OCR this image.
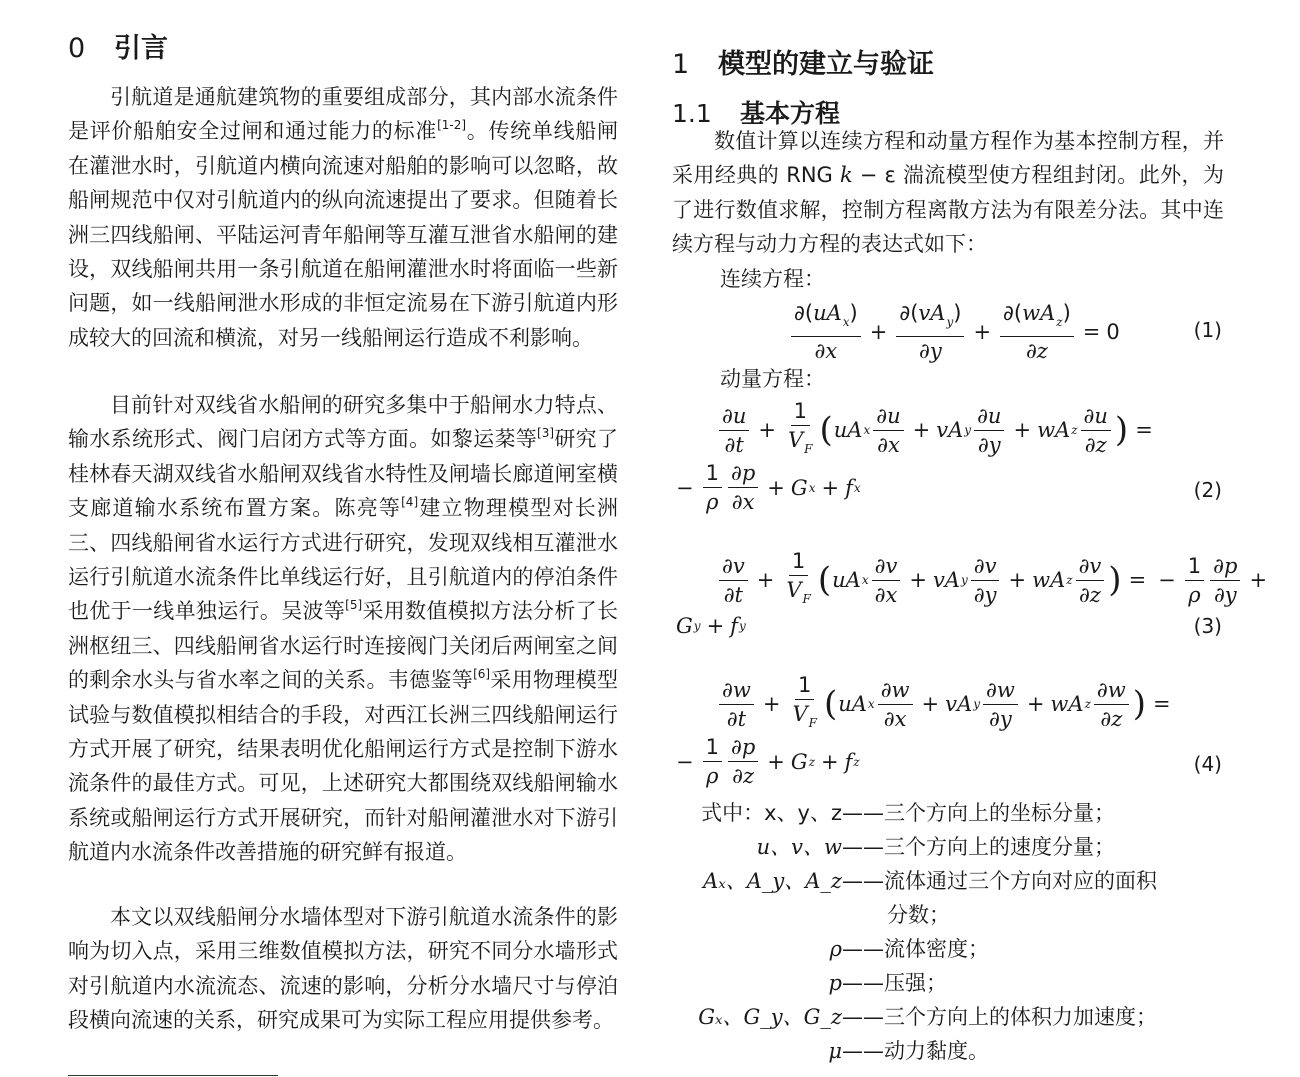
0 引言

引航道是通航建筑物的重要组成部分，其内部水流条件是评价船舶安全过闸和通过能力的标准[1-2]。传统单线船闸在灌泄水时，引航道内横向流速对船舶的影响可以忽略，故船闸规范中仅对引航道内的纵向流速提出了要求。但随着长洲三四线船闸、平陆运河青年船闸等互灌互泄省水船闸的建设，双线船闸共用一条引航道在船闸灌泄水时将面临一些新问题，如一线船闸泄水形成的非恒定流易在下游引航道内形成较大的回流和横流，对另一线船闸运行造成不利影响。

目前针对双线省水船闸的研究多集中于船闸水力特点、输水系统形式、阀门启闭方式等方面。如黎运棻等[3]研究了桂林春天湖双线省水船闸双线省水特性及闸墙长廊道闸室横支廊道输水系统布置方案。陈亮等[4]建立物理模型对长洲三、四线船闸省水运行方式进行研究，发现双线相互灌泄水运行引航道水流条件比单线运行好，且引航道内的停泊条件也优于一线单独运行。吴波等[5]采用数值模拟方法分析了长洲枢纽三、四线船闸省水运行时连接阀门关闭后两闸室之间的剩余水头与省水率之间的关系。韦德鉴等[6]采用物理模型试验与数值模拟相结合的手段，对西江长洲三四线船闸运行方式开展了研究，结果表明优化船闸运行方式是控制下游水流条件的最佳方式。可见，上述研究大都围绕双线船闸输水系统或船闸运行方式开展研究，而针对船闸灌泄水对下游引航道内水流条件改善措施的研究鲜有报道。

本文以双线船闸分水墙体型对下游引航道水流条件的影响为切入点，采用三维数值模拟方法，研究不同分水墙形式对引航道内水流流态、流速的影响，分析分水墙尺寸与停泊段横向流速的关系，研究成果可为实际工程应用提供参考。

1 模型的建立与验证
1.1 基本方程

数值计算以连续方程和动量方程作为基本控制方程，并采用经典的 RNG k − ε 湍流模型使方程组封闭。此外，为了进行数值求解，控制方程离散方法为有限差分法。其中连续方程与动力方程的表达式如下：

连续方程：
$\frac{\partial(uA_x)}{\partial x} + \frac{\partial(vA_y)}{\partial y} + \frac{\partial(wA_z)}{\partial z} = 0$	(1)
动量方程：
$\frac{\partial u}{\partial t} + \frac{1}{V_F}$ ( uA x $\frac{\partial u}{\partial x}$ + vA y $\frac{\partial u}{\partial y}$ + wA z $\frac{\partial u}{\partial z}$ ) =
− $\frac{1}{\rho} \frac{\partial p}{\partial x} + G$ x + f x	(2)
$\frac{\partial v}{\partial t} + \frac{1}{V_F}$ ( uA x $\frac{\partial v}{\partial x}$ + vA y $\frac{\partial v}{\partial y}$ + wA z $\frac{\partial v}{\partial z}$ ) = − $\frac{1}{\rho} \frac{\partial p}{\partial y}$ +
G y + f y	(3)
$\frac{\partial w}{\partial t} + \frac{1}{V_F}$ ( uA x $\frac{\partial w}{\partial x}$ + vA y $\frac{\partial w}{\partial y}$ + wA z $\frac{\partial w}{\partial z}$ ) =
− $\frac{1}{\rho} \frac{\partial p}{\partial z} + G$ z + f z	(4)
式中：x、y、z ——三个方向上的坐标分量；
u、v、w ——三个方向上的速度分量；
Aₓ、A_y、A_z ——流体通过三个方向对应的面积
分数；
ρ ——流体密度；
p ——压强；
Gₓ、G_y、G_z ——三个方向上的体积力加速度；
μ ——动力黏度。
